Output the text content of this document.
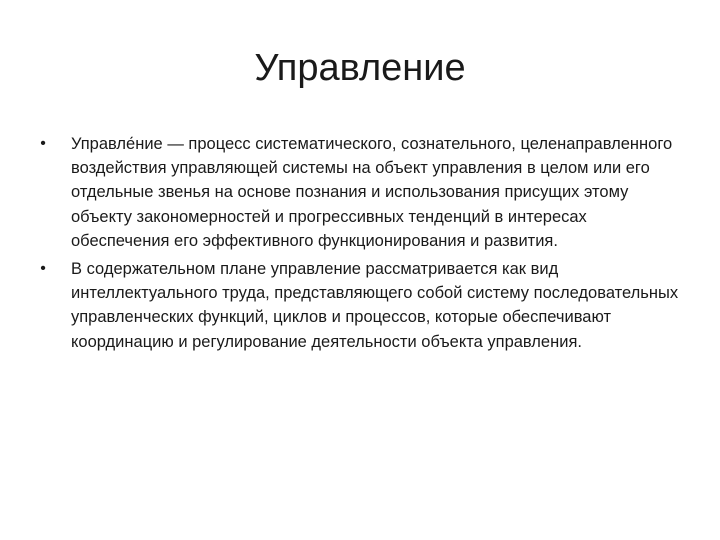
Управление
• Управле́ние — процесс систематического, сознательного, целенаправленного воздействия управляющей системы на объект управления в целом или его отдельные звенья на основе познания и использования присущих этому объекту закономерностей и прогрессивных тенденций в интересах обеспечения его эффективного функционирования и развития.
• В содержательном плане управление рассматривается как вид интеллектуального труда, представляющего собой систему последовательных управленческих функций, циклов и процессов, которые обеспечивают координацию и регулирование деятельности объекта управления.
